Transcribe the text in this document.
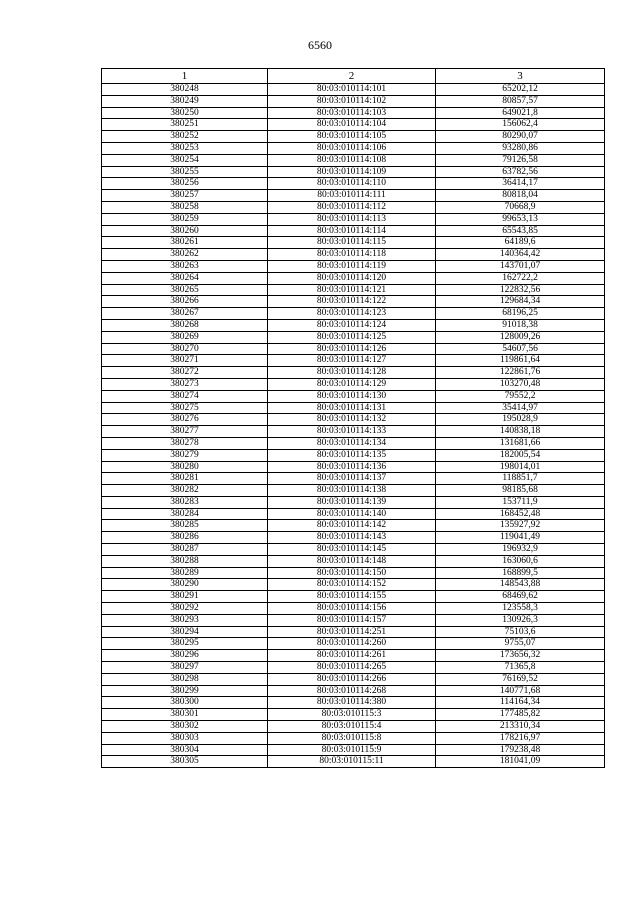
6560
1	2	3
380248	80:03:010114:101	65202,12
380249	80:03:010114:102	80857,57
380250	80:03:010114:103	649021,8
380251	80:03:010114:104	156062,4
380252	80:03:010114:105	80290,07
380253	80:03:010114:106	93280,86
380254	80:03:010114:108	79126,58
380255	80:03:010114:109	63782,56
380256	80:03:010114:110	36414,17
380257	80:03:010114:111	80818,04
380258	80:03:010114:112	70668,9
380259	80:03:010114:113	99653,13
380260	80:03:010114:114	65543,85
380261	80:03:010114:115	64189,6
380262	80:03:010114:118	140364,42
380263	80:03:010114:119	143701,07
380264	80:03:010114:120	162722,2
380265	80:03:010114:121	122832,56
380266	80:03:010114:122	129684,34
380267	80:03:010114:123	68196,25
380268	80:03:010114:124	91018,38
380269	80:03:010114:125	128009,26
380270	80:03:010114:126	54607,56
380271	80:03:010114:127	119861,64
380272	80:03:010114:128	122861,76
380273	80:03:010114:129	103270,48
380274	80:03:010114:130	79552,2
380275	80:03:010114:131	35414,97
380276	80:03:010114:132	195028,9
380277	80:03:010114:133	140838,18
380278	80:03:010114:134	131681,66
380279	80:03:010114:135	182005,54
380280	80:03:010114:136	198014,01
380281	80:03:010114:137	118851,7
380282	80:03:010114:138	98185,68
380283	80:03:010114:139	153711,9
380284	80:03:010114:140	168452,48
380285	80:03:010114:142	135927,92
380286	80:03:010114:143	119041,49
380287	80:03:010114:145	196932,9
380288	80:03:010114:148	163060,6
380289	80:03:010114:150	168899,5
380290	80:03:010114:152	148543,88
380291	80:03:010114:155	68469,62
380292	80:03:010114:156	123558,3
380293	80:03:010114:157	130926,3
380294	80:03:010114:251	75103,6
380295	80:03:010114:260	9755,07
380296	80:03:010114:261	173656,32
380297	80:03:010114:265	71365,8
380298	80:03:010114:266	76169,52
380299	80:03:010114:268	140771,68
380300	80:03:010114:380	114164,34
380301	80:03:010115:3	177485,82
380302	80:03:010115:4	213310,34
380303	80:03:010115:8	178216,97
380304	80:03:010115:9	179238,48
380305	80:03:010115:11	181041,09
